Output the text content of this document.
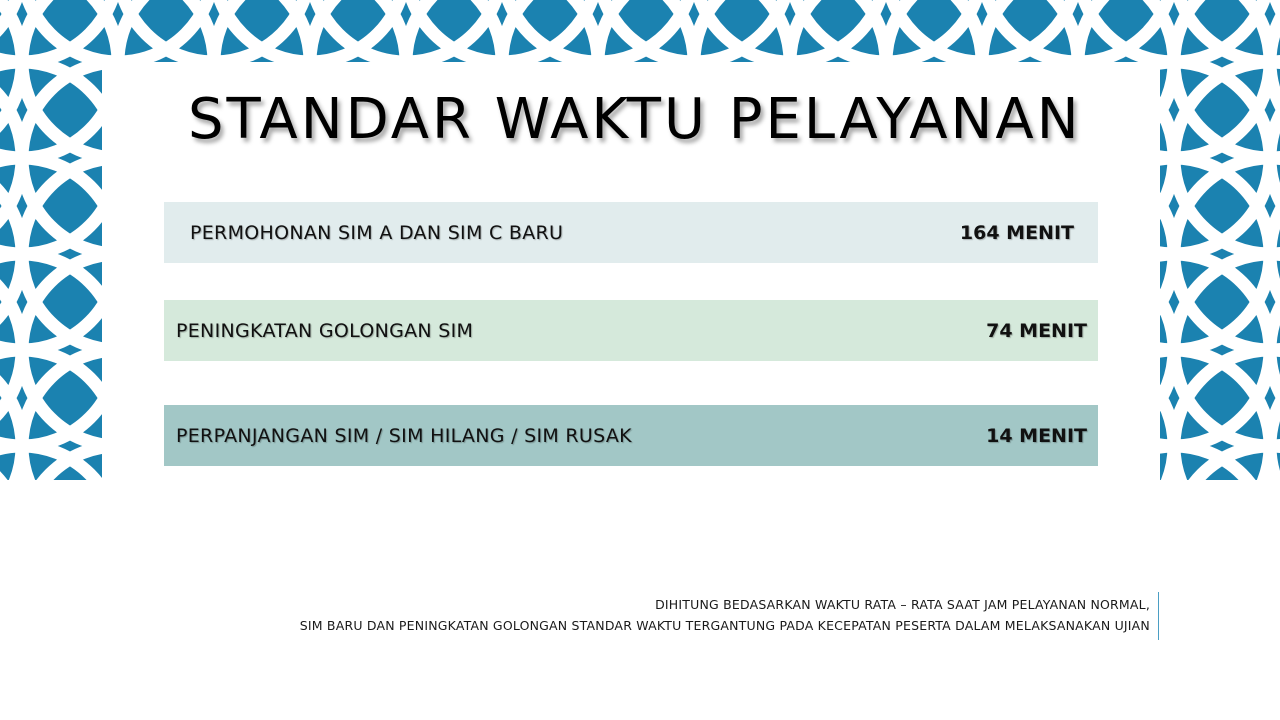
STANDAR WAKTU PELAYANAN
PERMOHONAN SIM A DAN SIM C BARU	164 MENIT
PENINGKATAN GOLONGAN SIM	74 MENIT
PERPANJANGAN SIM / SIM HILANG / SIM RUSAK	14 MENIT
DIHITUNG BEDASARKAN WAKTU RATA – RATA SAAT JAM PELAYANAN NORMAL,
SIM BARU DAN PENINGKATAN GOLONGAN STANDAR WAKTU TERGANTUNG PADA KECEPATAN PESERTA DALAM MELAKSANAKAN UJIAN
